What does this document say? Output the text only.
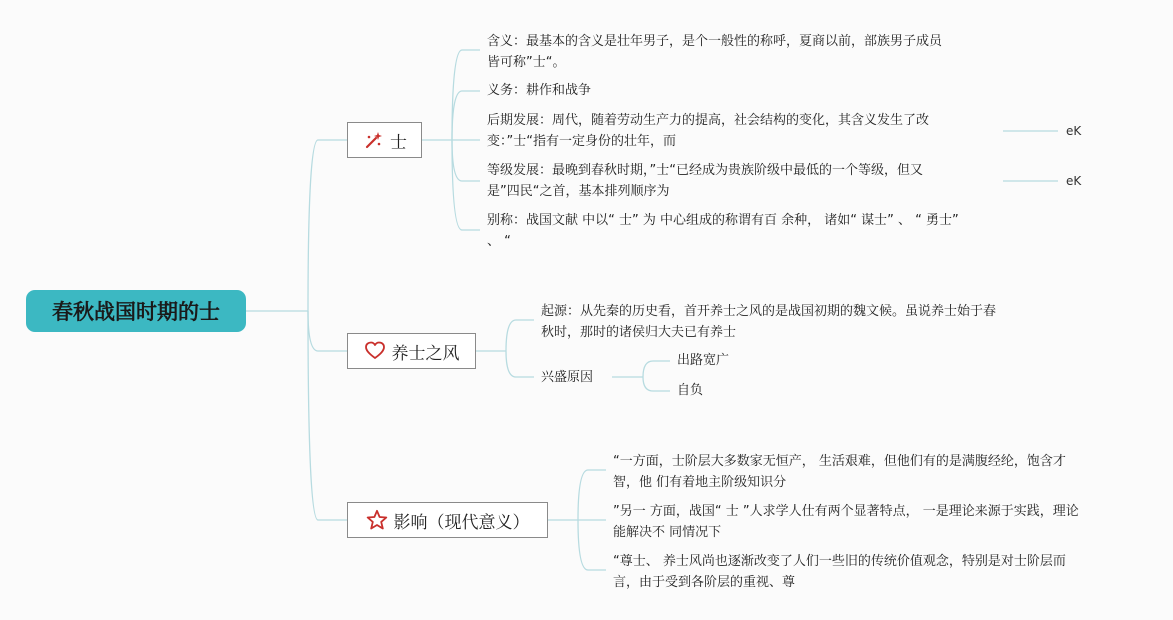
春秋战国时期的士
士
含义：最基本的含义是壮年男子，是个一般性的称呼，夏商以前，部族男子成员
皆可称”士“。
义务：耕作和战争
后期发展：周代，随着劳动生产力的提高，社会结构的变化，其含义发生了改
变：”士“指有一定身份的壮年，而
等级发展：最晚到春秋时期，”士“已经成为贵族阶级中最低的一个等级，但又
是”四民“之首，基本排列顺序为
别称：战国文献 中以“ 士” 为 中心组成的称谓有百 余种， 诸如“ 谋士” 、 “ 勇士”
、 “
eK
eK
养士之风
起源：从先秦的历史看，首开养士之风的是战国初期的魏文候。虽说养士始于春
秋时，那时的诸侯归大夫已有养士
兴盛原因
出路宽广
自负
影响（现代意义）
“一方面，士阶层大多数家无恒产， 生活艰难，但他们有的是满腹经纶，饱含才
智，他 们有着地主阶级知识分
”另一 方面，战国“ 士 ”人求学人仕有两个显著特点， 一是理论来源于实践，理论
能解决不 同情况下
“尊士、 养士风尚也逐渐改变了人们一些旧的传统价值观念，特别是对士阶层而
言，由于受到各阶层的重视、尊
